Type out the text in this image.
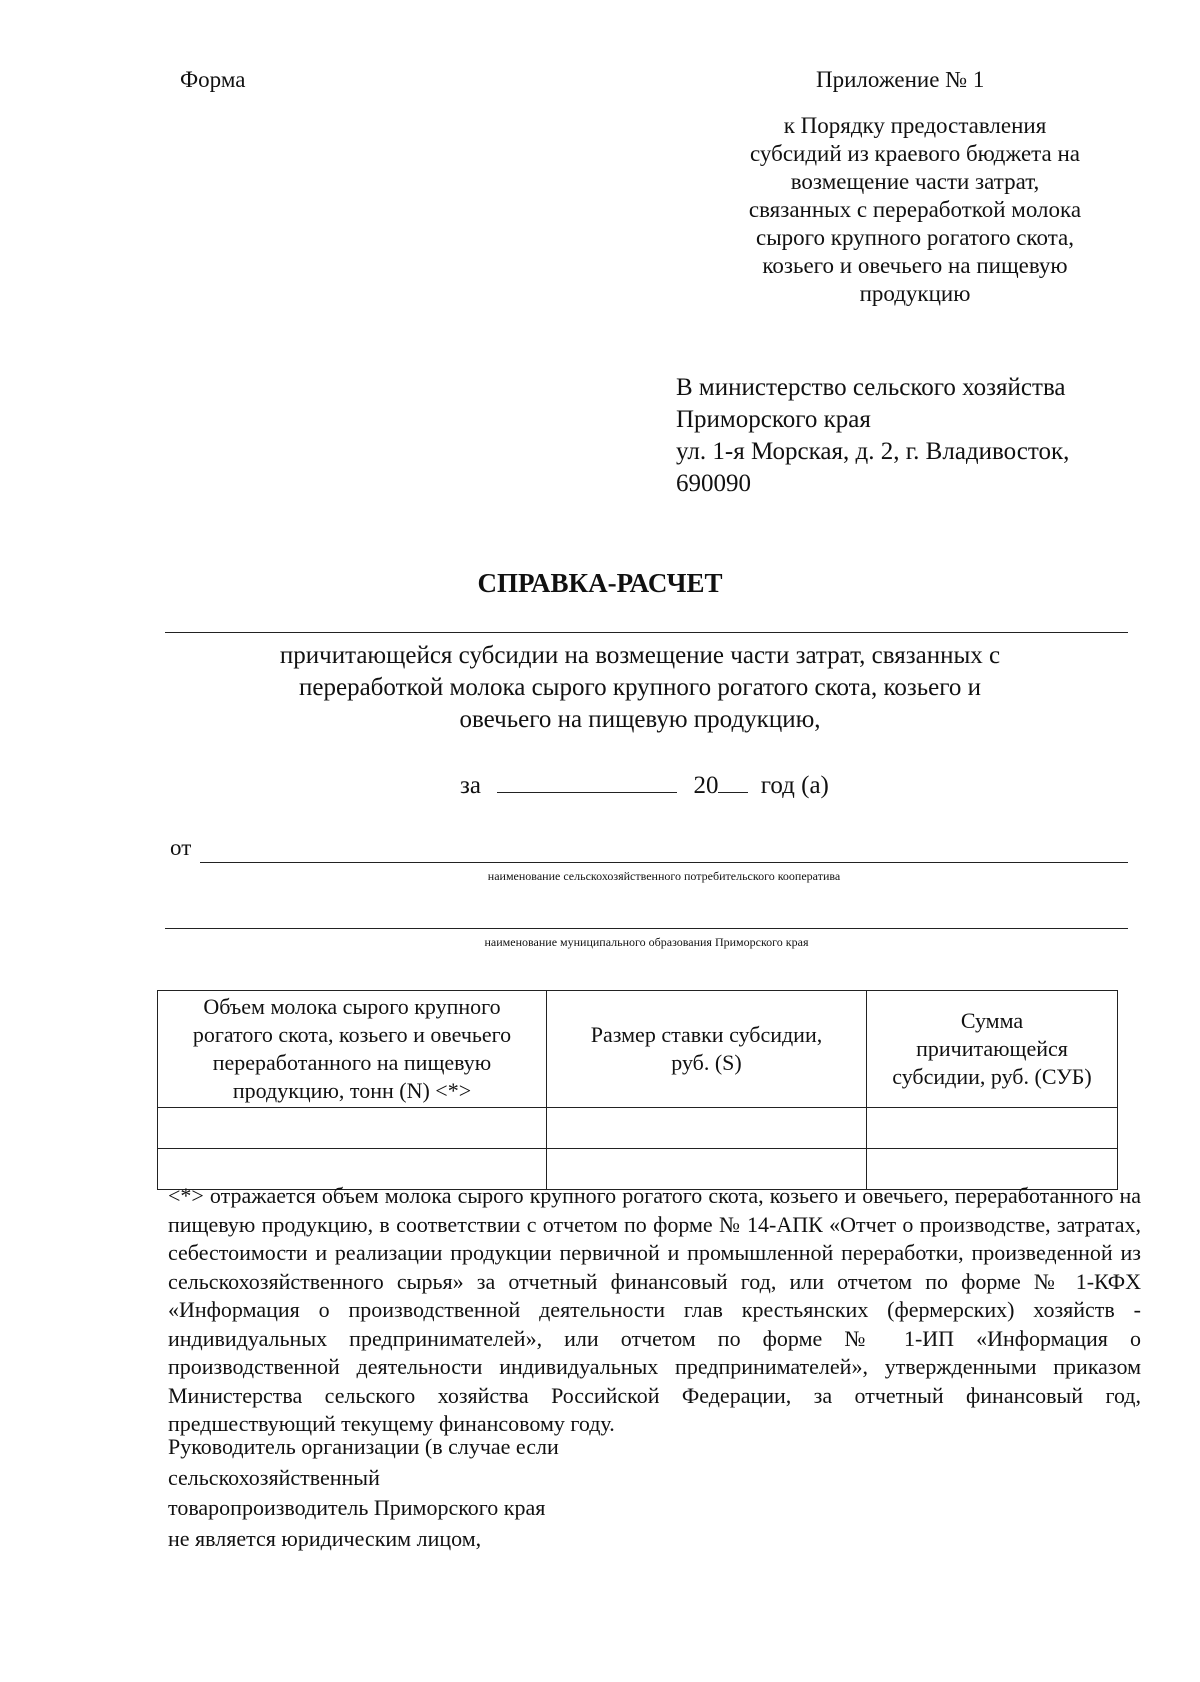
Форма	Приложение № 1
к Порядку предоставления
субсидий из краевого бюджета на
возмещение части затрат,
связанных с переработкой молока
сырого крупного рогатого скота,
козьего и овечьего на пищевую
продукцию
В министерство сельского хозяйства
Приморского края
ул. 1-я Морская, д. 2, г. Владивосток,
690090
СПРАВКА-РАСЧЕТ
причитающейся субсидии на возмещение части затрат, связанных с
переработкой молока сырого крупного рогатого скота, козьего и
овечьего на пищевую продукцию,
за	20 год (а)
от
наименование сельскохозяйственного потребительского кооператива
наименование муниципального образования Приморского края
Объем молока сырого крупного рогатого скота, козьего и овечьего переработанного на пищевую продукцию, тонн (N) <*>	Размер ставки субсидии, руб. (S)	Сумма причитающейся субсидии, руб. (СУБ)

<*> отражается объем молока сырого крупного рогатого скота, козьего и овечьего, переработанного на пищевую продукцию, в соответствии с отчетом по форме № 14-АПК «Отчет о производстве, затратах, себестоимости и реализации продукции первичной и промышленной переработки, произведенной из сельскохозяйственного сырья» за отчетный финансовый год, или отчетом по форме № 1-КФХ «Информация о производственной деятельности глав крестьянских (фермерских) хозяйств - индивидуальных предпринимателей», или отчетом по форме № 1-ИП «Информация о производственной деятельности индивидуальных предпринимателей», утвержденными приказом Министерства сельского хозяйства Российской Федерации, за отчетный финансовый год, предшествующий текущему финансовому году.
Руководитель организации (в случае если
сельскохозяйственный
товаропроизводитель Приморского края
не является юридическим лицом,
